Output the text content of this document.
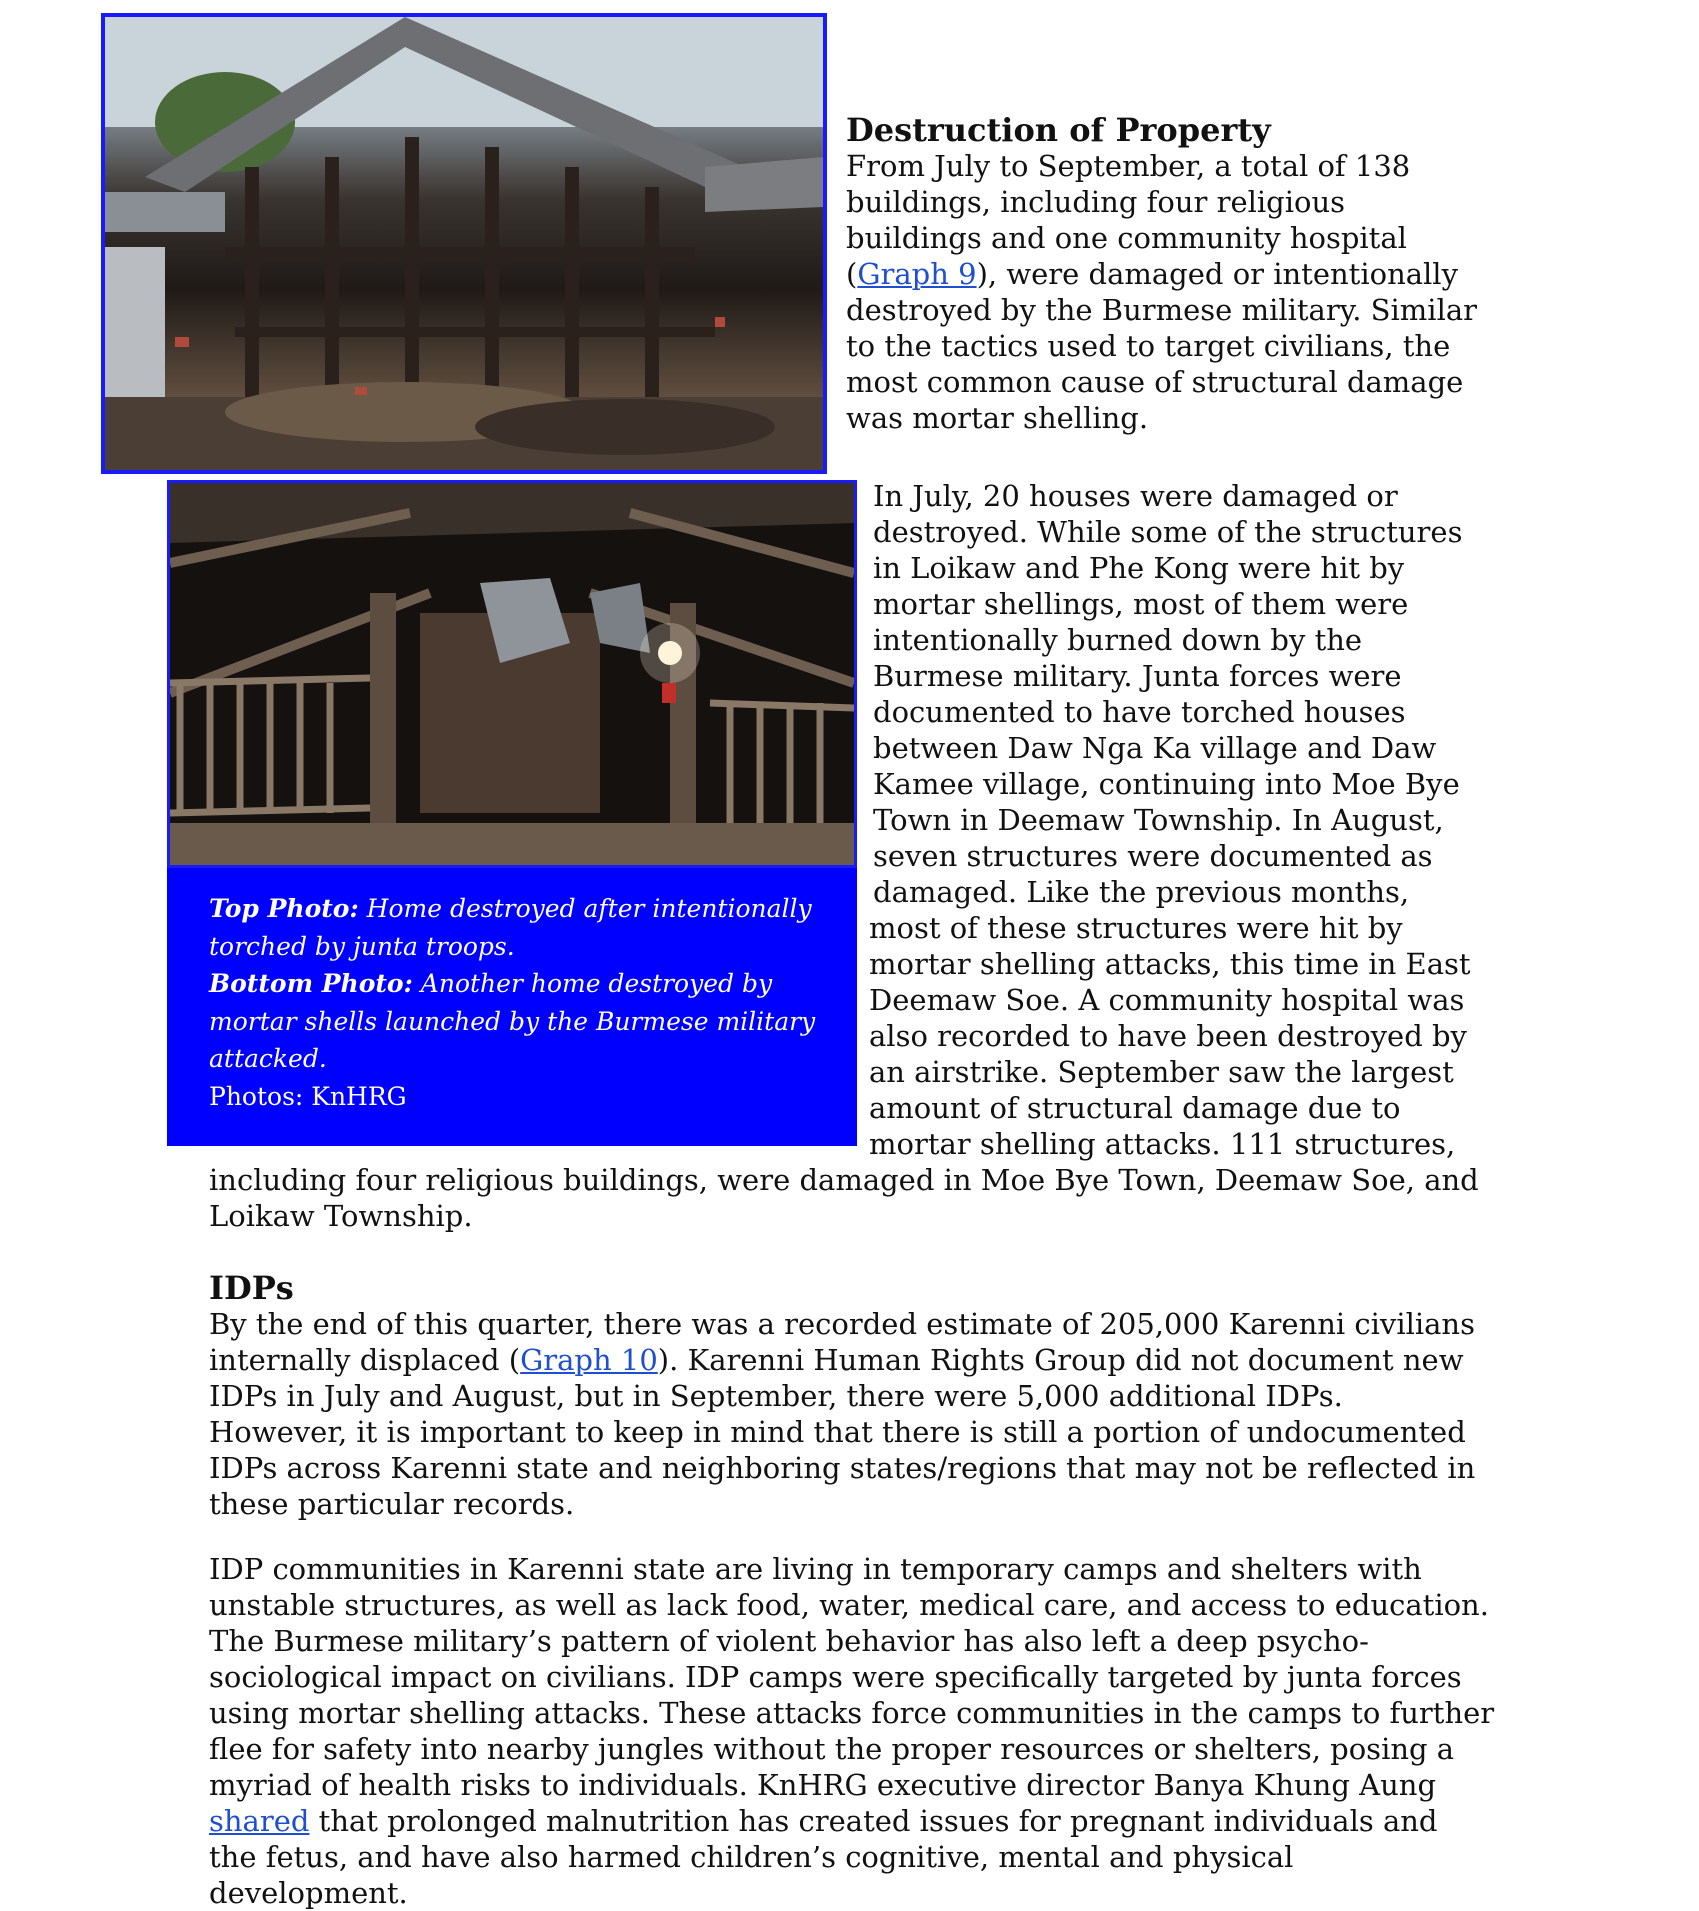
Top Photo: Home destroyed after intentionally
torched by junta troops.
Bottom Photo: Another home destroyed by
mortar shells launched by the Burmese military
attacked.
Photos: KnHRG
Destruction of Property
From July to September, a total of 138
buildings, including four religious
buildings and one community hospital
(Graph 9), were damaged or intentionally
destroyed by the Burmese military. Similar
to the tactics used to target civilians, the
most common cause of structural damage
was mortar shelling.
In July, 20 houses were damaged or
destroyed. While some of the structures
in Loikaw and Phe Kong were hit by
mortar shellings, most of them were
intentionally burned down by the
Burmese military. Junta forces were
documented to have torched houses
between Daw Nga Ka village and Daw
Kamee village, continuing into Moe Bye
Town in Deemaw Township. In August,
seven structures were documented as
damaged. Like the previous months,
most of these structures were hit by
mortar shelling attacks, this time in East
Deemaw Soe. A community hospital was
also recorded to have been destroyed by
an airstrike. September saw the largest
amount of structural damage due to
mortar shelling attacks. 111 structures,
including four religious buildings, were damaged in Moe Bye Town, Deemaw Soe, and
Loikaw Township.
IDPs
By the end of this quarter, there was a recorded estimate of 205,000 Karenni civilians
internally displaced (Graph 10). Karenni Human Rights Group did not document new
IDPs in July and August, but in September, there were 5,000 additional IDPs.
However, it is important to keep in mind that there is still a portion of undocumented
IDPs across Karenni state and neighboring states/regions that may not be reflected in
these particular records.
IDP communities in Karenni state are living in temporary camps and shelters with
unstable structures, as well as lack food, water, medical care, and access to education.
The Burmese military’s pattern of violent behavior has also left a deep psycho-
sociological impact on civilians. IDP camps were specifically targeted by junta forces
using mortar shelling attacks. These attacks force communities in the camps to further
flee for safety into nearby jungles without the proper resources or shelters, posing a
myriad of health risks to individuals. KnHRG executive director Banya Khung Aung
shared that prolonged malnutrition has created issues for pregnant individuals and
the fetus, and have also harmed children’s cognitive, mental and physical
development.
